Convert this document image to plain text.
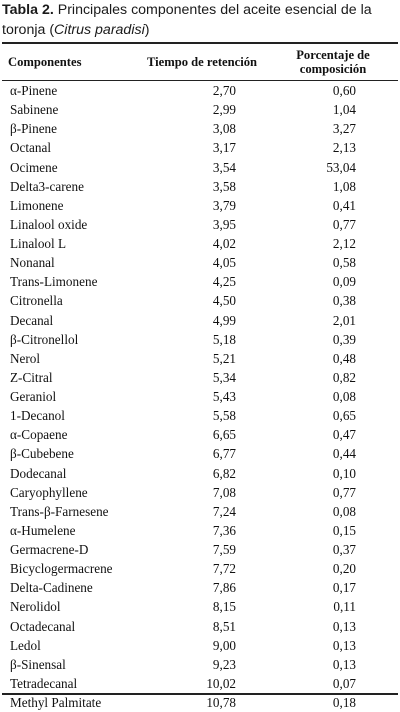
Tabla 2. Principales componentes del aceite esencial de la toronja (Citrus paradisi)
Componentes	Tiempo de retención	Porcentaje de
composición
α-Pinene	2,70	0,60
Sabinene	2,99	1,04
β-Pinene	3,08	3,27
Octanal	3,17	2,13
Ocimene	3,54	53,04
Delta3-carene	3,58	1,08
Limonene	3,79	0,41
Linalool oxide	3,95	0,77
Linalool L	4,02	2,12
Nonanal	4,05	0,58
Trans-Limonene	4,25	0,09
Citronella	4,50	0,38
Decanal	4,99	2,01
β-Citronellol	5,18	0,39
Nerol	5,21	0,48
Z-Citral	5,34	0,82
Geraniol	5,43	0,08
1-Decanol	5,58	0,65
α-Copaene	6,65	0,47
β-Cubebene	6,77	0,44
Dodecanal	6,82	0,10
Caryophyllene	7,08	0,77
Trans-β-Farnesene	7,24	0,08
α-Humelene	7,36	0,15
Germacrene-D	7,59	0,37
Bicyclogermacrene	7,72	0,20
Delta-Cadinene	7,86	0,17
Nerolidol	8,15	0,11
Octadecanal	8,51	0,13
Ledol	9,00	0,13
β-Sinensal	9,23	0,13
Tetradecanal	10,02	0,07
Methyl Palmitate	10,78	0,18
